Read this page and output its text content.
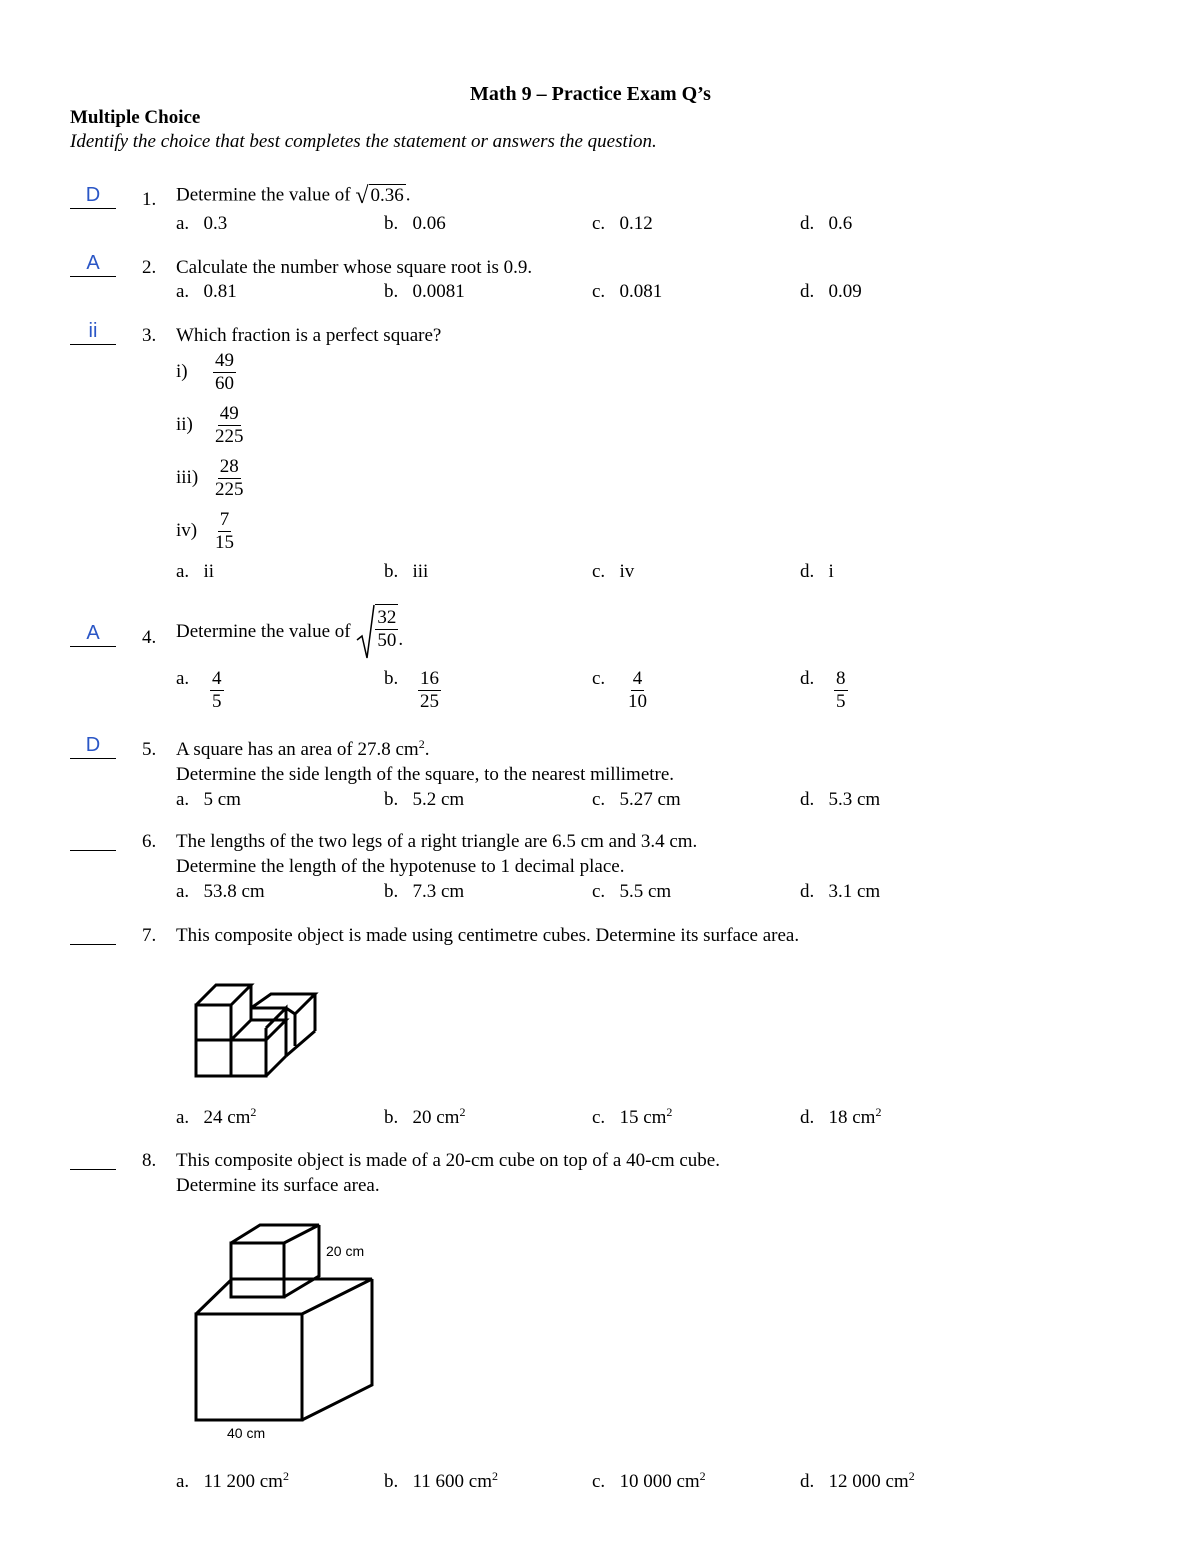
Math 9 – Practice Exam Q’s
Multiple Choice
Identify the choice that best completes the statement or answers the question.
D	1. Determine the value of √ 0.36 .
a. 0.3	b. 0.06	c. 0.12	d. 0.6
A	2. Calculate the number whose square root is 0.9.
a. 0.81	b. 0.0081	c. 0.081	d. 0.09
ii	3. Which fraction is a perfect square?
i)	$\frac{49}{60}$
ii)	$\frac{49}{225}$
$iii) \frac{28}{225}$
$iv) \frac{7}{15}$
a. ii	b. iii	c. iv	d. i
A	4. Determine the value of
$\frac{32}{50}$ .
a.	$\frac{4}{5}$	b.	$\frac{16}{25}$	c.	$\frac{4}{10}$	d.	$\frac{8}{5}$
D	5. A square has an area of 27.8 $cm^2$.
Determine the side length of the square, to the nearest millimetre.
a. 5 cm	b. 5.2 cm	c. 5.27 cm	d. 5.3 cm
6. The lengths of the two legs of a right triangle are 6.5 cm and 3.4 cm.
Determine the length of the hypotenuse to 1 decimal place.
a. 53.8 cm	b. 7.3 cm	c. 5.5 cm	d. 3.1 cm
7. This composite object is made using centimetre cubes. Determine its surface area.
a. 24 $cm^2$	b. 20 $cm^2$	c. 15 $cm^2$	d. 18 $cm^2$
8. This composite object is made of a 20-cm cube on top of a 40-cm cube.
Determine its surface area.
20 cm
40 cm
a. 11 200 $cm^2$	b. 11 600 $cm^2$	c. 10 000 $cm^2$	d. 12 000 $cm^2$
